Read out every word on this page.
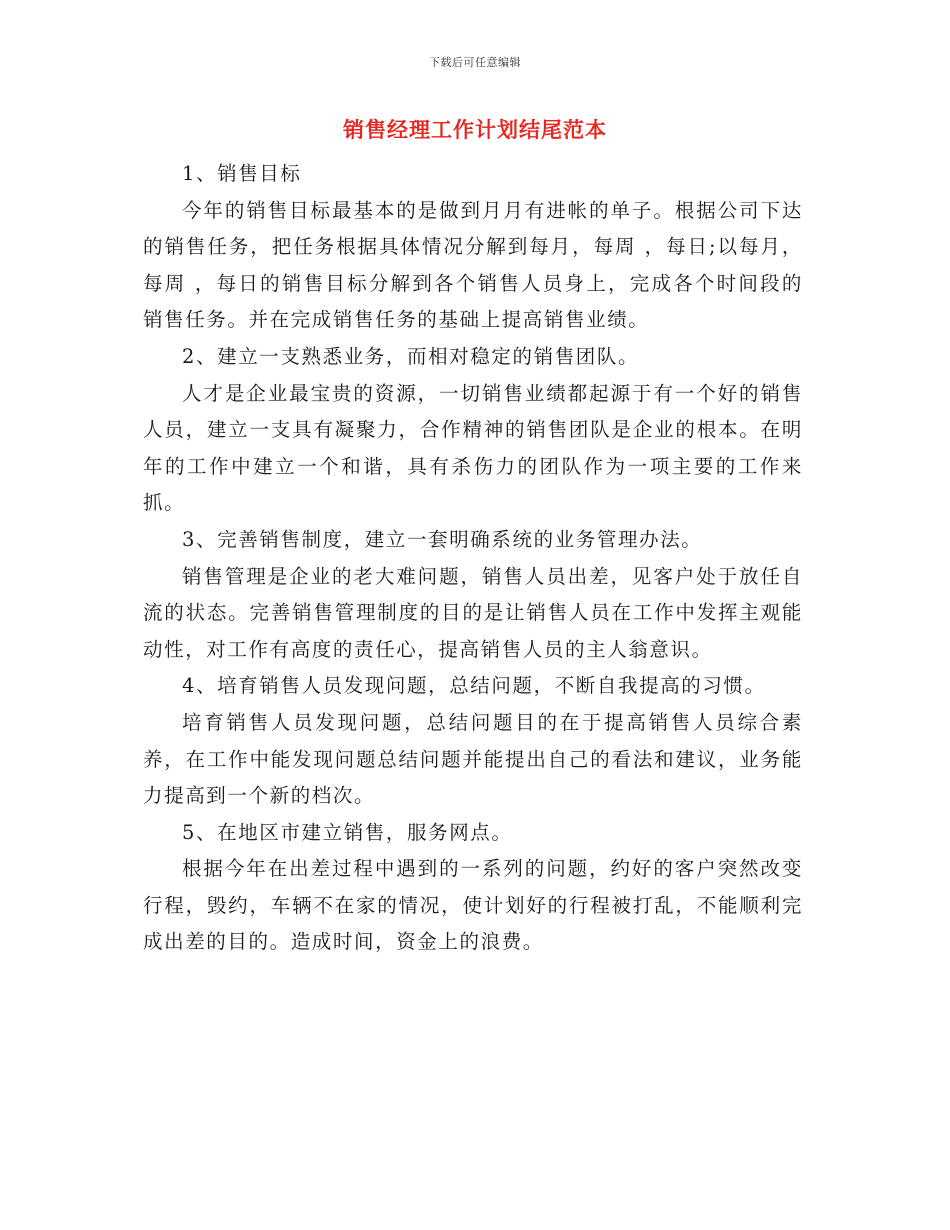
下载后可任意编辑
销售经理工作计划结尾范本

1、销售目标

今年的销售目标最基本的是做到月月有进帐的单子。根据公司下达的销售任务，把任务根据具体情况分解到每月，每周 ，每日;以每月，每周 ，每日的销售目标分解到各个销售人员身上，完成各个时间段的销售任务。并在完成销售任务的基础上提高销售业绩。

2、建立一支熟悉业务，而相对稳定的销售团队。

人才是企业最宝贵的资源，一切销售业绩都起源于有一个好的销售人员，建立一支具有凝聚力，合作精神的销售团队是企业的根本。在明年的工作中建立一个和谐，具有杀伤力的团队作为一项主要的工作来抓。

3、完善销售制度，建立一套明确系统的业务管理办法。

销售管理是企业的老大难问题，销售人员出差，见客户处于放任自流的状态。完善销售管理制度的目的是让销售人员在工作中发挥主观能动性，对工作有高度的责任心，提高销售人员的主人翁意识。

4、培育销售人员发现问题，总结问题，不断自我提高的习惯。

培育销售人员发现问题，总结问题目的在于提高销售人员综合素养，在工作中能发现问题总结问题并能提出自己的看法和建议，业务能力提高到一个新的档次。

5、在地区市建立销售，服务网点。

根据今年在出差过程中遇到的一系列的问题，约好的客户突然改变行程，毁约，车辆不在家的情况，使计划好的行程被打乱，不能顺利完成出差的目的。造成时间，资金上的浪费。
